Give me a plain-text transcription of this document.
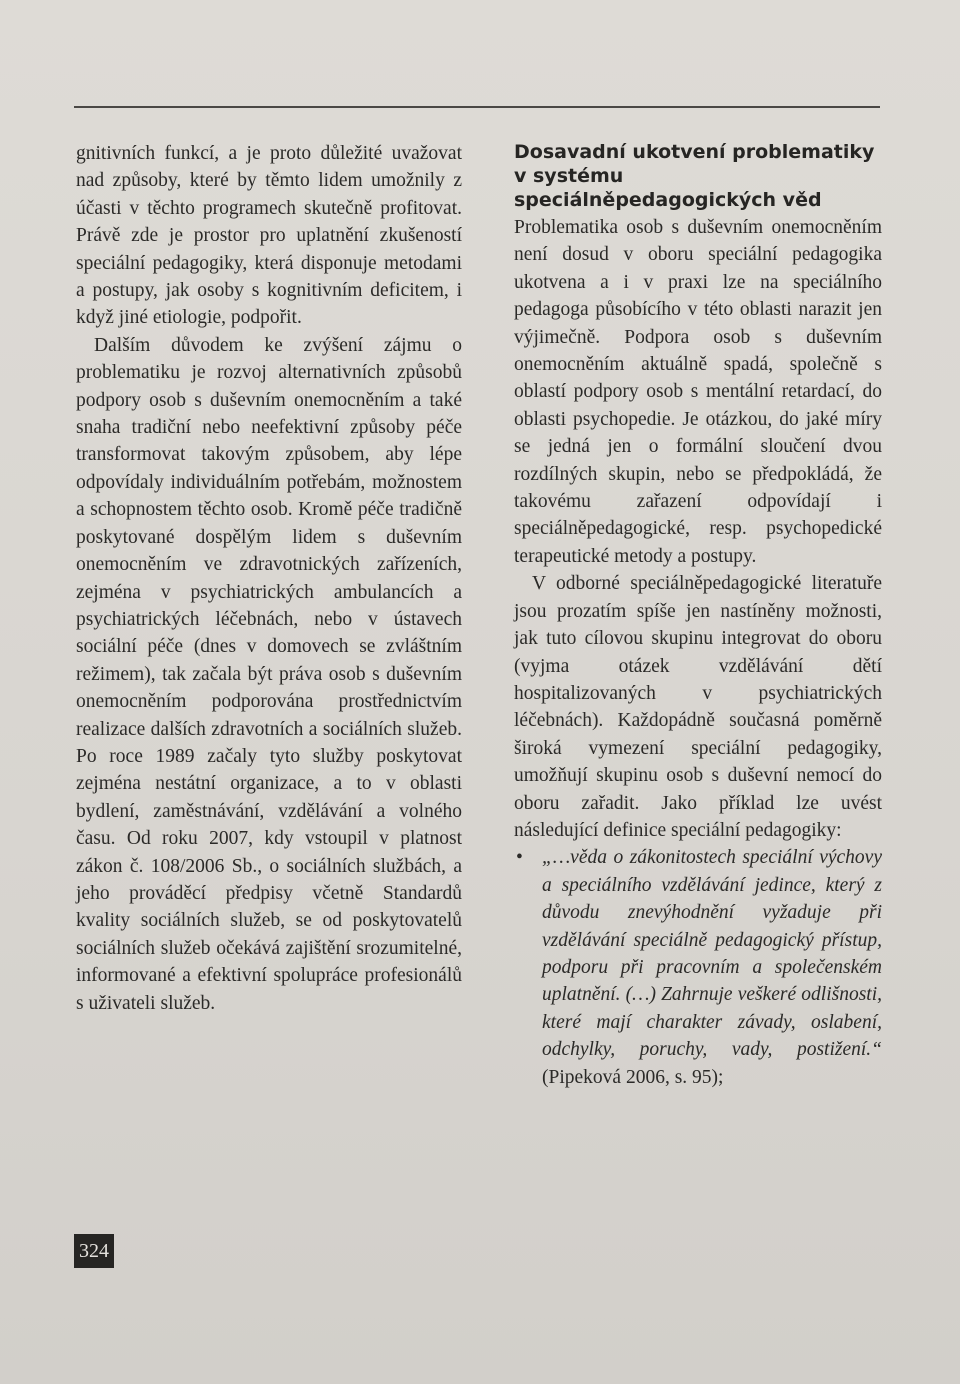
gnitivních funkcí, a je proto důležité uvažovat nad způsoby, které by těmto lidem umožnily z účasti v těchto programech skutečně profitovat. Právě zde je prostor pro uplatnění zkušeností speciální pedagogiky, která disponuje metodami a postupy, jak osoby s kognitivním deficitem, i když jiné etiologie, podpořit.

Dalším důvodem ke zvýšení zájmu o problematiku je rozvoj alternativních způsobů podpory osob s duševním onemocněním a také snaha tradiční nebo neefektivní způsoby péče transformovat takovým způsobem, aby lépe odpovídaly individuálním potřebám, možnostem a schopnostem těchto osob. Kromě péče tradičně poskytované dospělým lidem s duševním onemocněním ve zdravotnických zařízeních, zejména v psychiatrických ambulancích a psychiatrických léčebnách, nebo v ústavech sociální péče (dnes v domovech se zvláštním režimem), tak začala být práva osob s duševním onemocněním podporována prostřednictvím realizace dalších zdravotních a sociálních služeb. Po roce 1989 začaly tyto služby poskytovat zejména nestátní organizace, a to v oblasti bydlení, zaměstnávání, vzdělávání a volného času. Od roku 2007, kdy vstoupil v platnost zákon č. 108/2006 Sb., o sociálních službách, a jeho prováděcí předpisy včetně Standardů kvality sociálních služeb, se od poskytovatelů sociálních služeb očekává zajištění srozumitelné, informované a efektivní spolupráce profesionálů s uživateli služeb.

Dosavadní ukotvení problematiky v systému speciálněpedagogických věd

Problematika osob s duševním onemocněním není dosud v oboru speciální pedagogika ukotvena a i v praxi lze na speciálního pedagoga působícího v této oblasti narazit jen výjimečně. Podpora osob s duševním onemocněním aktuálně spadá, společně s oblastí podpory osob s mentální retardací, do oblasti psychopedie. Je otázkou, do jaké míry se jedná jen o formální sloučení dvou rozdílných skupin, nebo se předpokládá, že takovému zařazení odpovídají i speciálněpedagogické, resp. psychopedické terapeutické metody a postupy.

V odborné speciálněpedagogické literatuře jsou prozatím spíše jen nastíněny možnosti, jak tuto cílovou skupinu integrovat do oboru (vyjma otázek vzdělávání dětí hospitalizovaných v psychiatrických léčebnách). Každopádně současná poměrně široká vymezení speciální pedagogiky, umožňují skupinu osob s duševní nemocí do oboru zařadit. Jako příklad lze uvést následující definice speciální pedagogiky:

• „…věda o zákonitostech speciální výchovy a speciálního vzdělávání jedince, který z důvodu znevýhodnění vyžaduje při vzdělávání speciálně pedagogický přístup, podporu při pracovním a společenském uplatnění. (…) Zahrnuje veškeré odlišnosti, které mají charakter závady, oslabení, odchylky, poruchy, vady, postižení.“ (Pipeková 2006, s. 95);
324
